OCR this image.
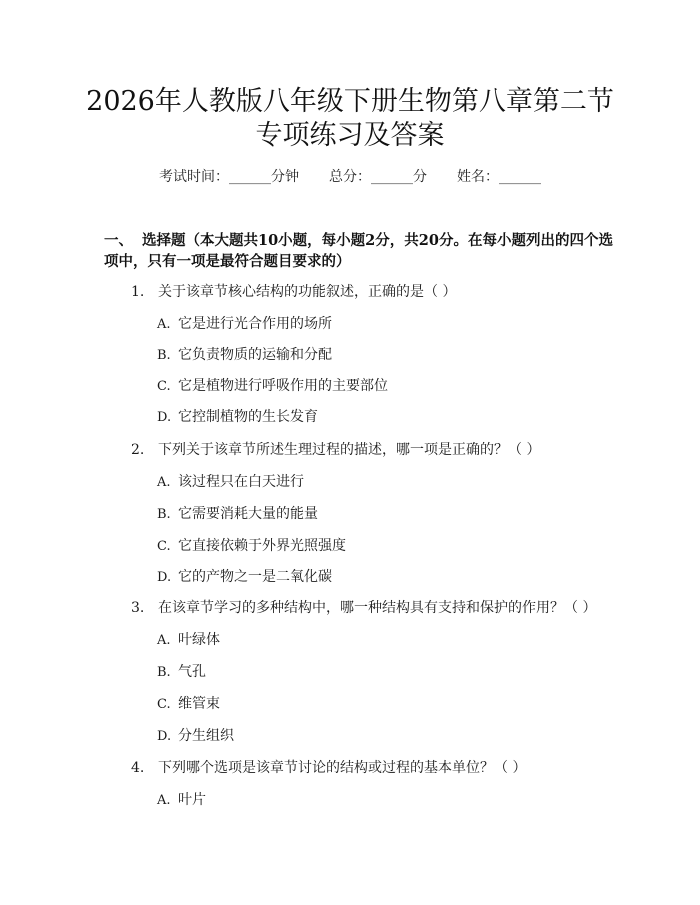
2026年人教版八年级下册生物第八章第二节
专项练习及答案
考试时间：______分钟 总分：______分 姓名：______
一、 选择题（本大题共10小题，每小题2分，共20分。在每小题列出的四个选
项中，只有一项是最符合题目要求的）
1. 关于该章节核心结构的功能叙述，正确的是（ ）
A. 它是进行光合作用的场所
B. 它负责物质的运输和分配
C. 它是植物进行呼吸作用的主要部位
D. 它控制植物的生长发育
2. 下列关于该章节所述生理过程的描述，哪一项是正确的？（ ）
A. 该过程只在白天进行
B. 它需要消耗大量的能量
C. 它直接依赖于外界光照强度
D. 它的产物之一是二氧化碳
3. 在该章节学习的多种结构中，哪一种结构具有支持和保护的作用？（ ）
A. 叶绿体
B. 气孔
C. 维管束
D. 分生组织
4. 下列哪个选项是该章节讨论的结构或过程的基本单位？（ ）
A. 叶片
